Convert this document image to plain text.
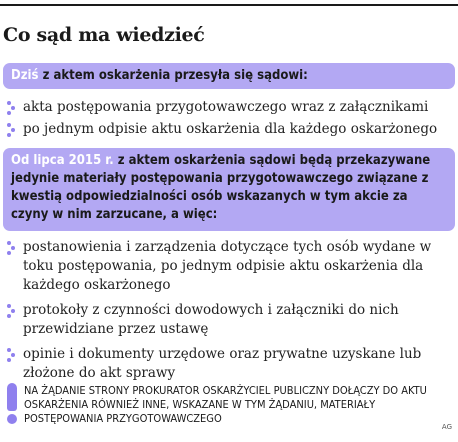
Co sąd ma wiedzieć
Dziś z aktem oskarżenia przesyła się sądowi:
akta postępowania przygotowawczego wraz z załącznikami
po jednym odpisie aktu oskarżenia dla każdego oskarżonego
Od lipca 2015 r. z aktem oskarżenia sądowi będą przekazywane jedynie materiały postępowania przygotowawczego związane z kwestią odpowiedzialności osób wskazanych w tym akcie za czyny w nim zarzucane, a więc:
postanowienia i zarządzenia dotyczące tych osób wydane w toku postępowania, po jednym odpisie aktu oskarżenia dla każdego oskarżonego
protokoły z czynności dowodowych i załączniki do nich przewidziane przez ustawę
opinie i dokumenty urzędowe oraz prywatne uzyskane lub złożone do akt sprawy

NA ŻĄDANIE STRONY PROKURATOR OSKARŻYCIEL PUBLICZNY DOŁĄCZY DO AKTU OSKARŻENIA RÓWNIEŻ INNE, WSKAZANE W TYM ŻĄDANIU, MATERIAŁY POSTĘPOWANIA PRZYGOTOWAWCZEGO

AG
